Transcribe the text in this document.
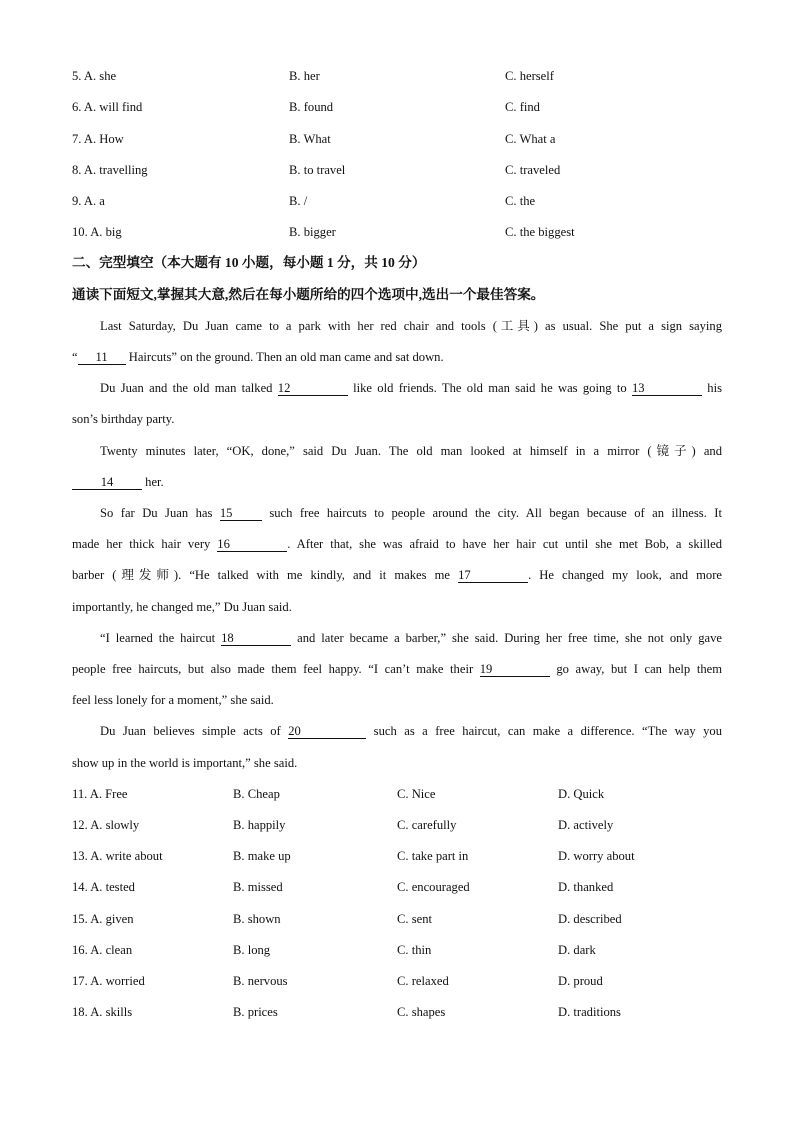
5. A. she	B. her	C. herself
6. A. will find	B. found	C. find
7. A. How	B. What	C. What a
8. A. travelling	B. to travel	C. traveled
9. A. a	B. /	C. the
10. A. big	B. bigger	C. the biggest
二、完型填空（本大题有 10 小题，每小题 1 分，共 10 分）
通读下面短文,掌握其大意,然后在每小题所给的四个选项中,选出一个最佳答案。
Last Saturday, Du Juan came to a park with her red chair and tools (工具) as usual. She put a sign saying
“ 11 Haircuts” on the ground. Then an old man came and sat down.
Du Juan and the old man talked 12	like old friends. The old man said he was going to 13	his
son’s birthday party.
Twenty minutes later, “OK, done,” said Du Juan. The old man looked at himself in a mirror (镜子) and
14 her.
So far Du Juan has 15 such free haircuts to people around the city. All began because of an illness. It
made her thick hair very 16	. After that, she was afraid to have her hair cut until she met Bob, a skilled
barber (理发师). “He talked with me kindly, and it makes me 17	. He changed my look, and more
importantly, he changed me,” Du Juan said.
“I learned the haircut 18	and later became a barber,” she said. During her free time, she not only gave
people free haircuts, but also made them feel happy. “I can’t make their 19	go away, but I can help them
feel less lonely for a moment,” she said.
Du Juan believes simple acts of 20	such as a free haircut, can make a difference. “The way you
show up in the world is important,” she said.
11. A. Free	B. Cheap	C. Nice	D. Quick
12. A. slowly	B. happily	C. carefully	D. actively
13. A. write about	B. make up	C. take part in	D. worry about
14. A. tested	B. missed	C. encouraged	D. thanked
15. A. given	B. shown	C. sent	D. described
16. A. clean	B. long	C. thin	D. dark
17. A. worried	B. nervous	C. relaxed	D. proud
18. A. skills	B. prices	C. shapes	D. traditions
